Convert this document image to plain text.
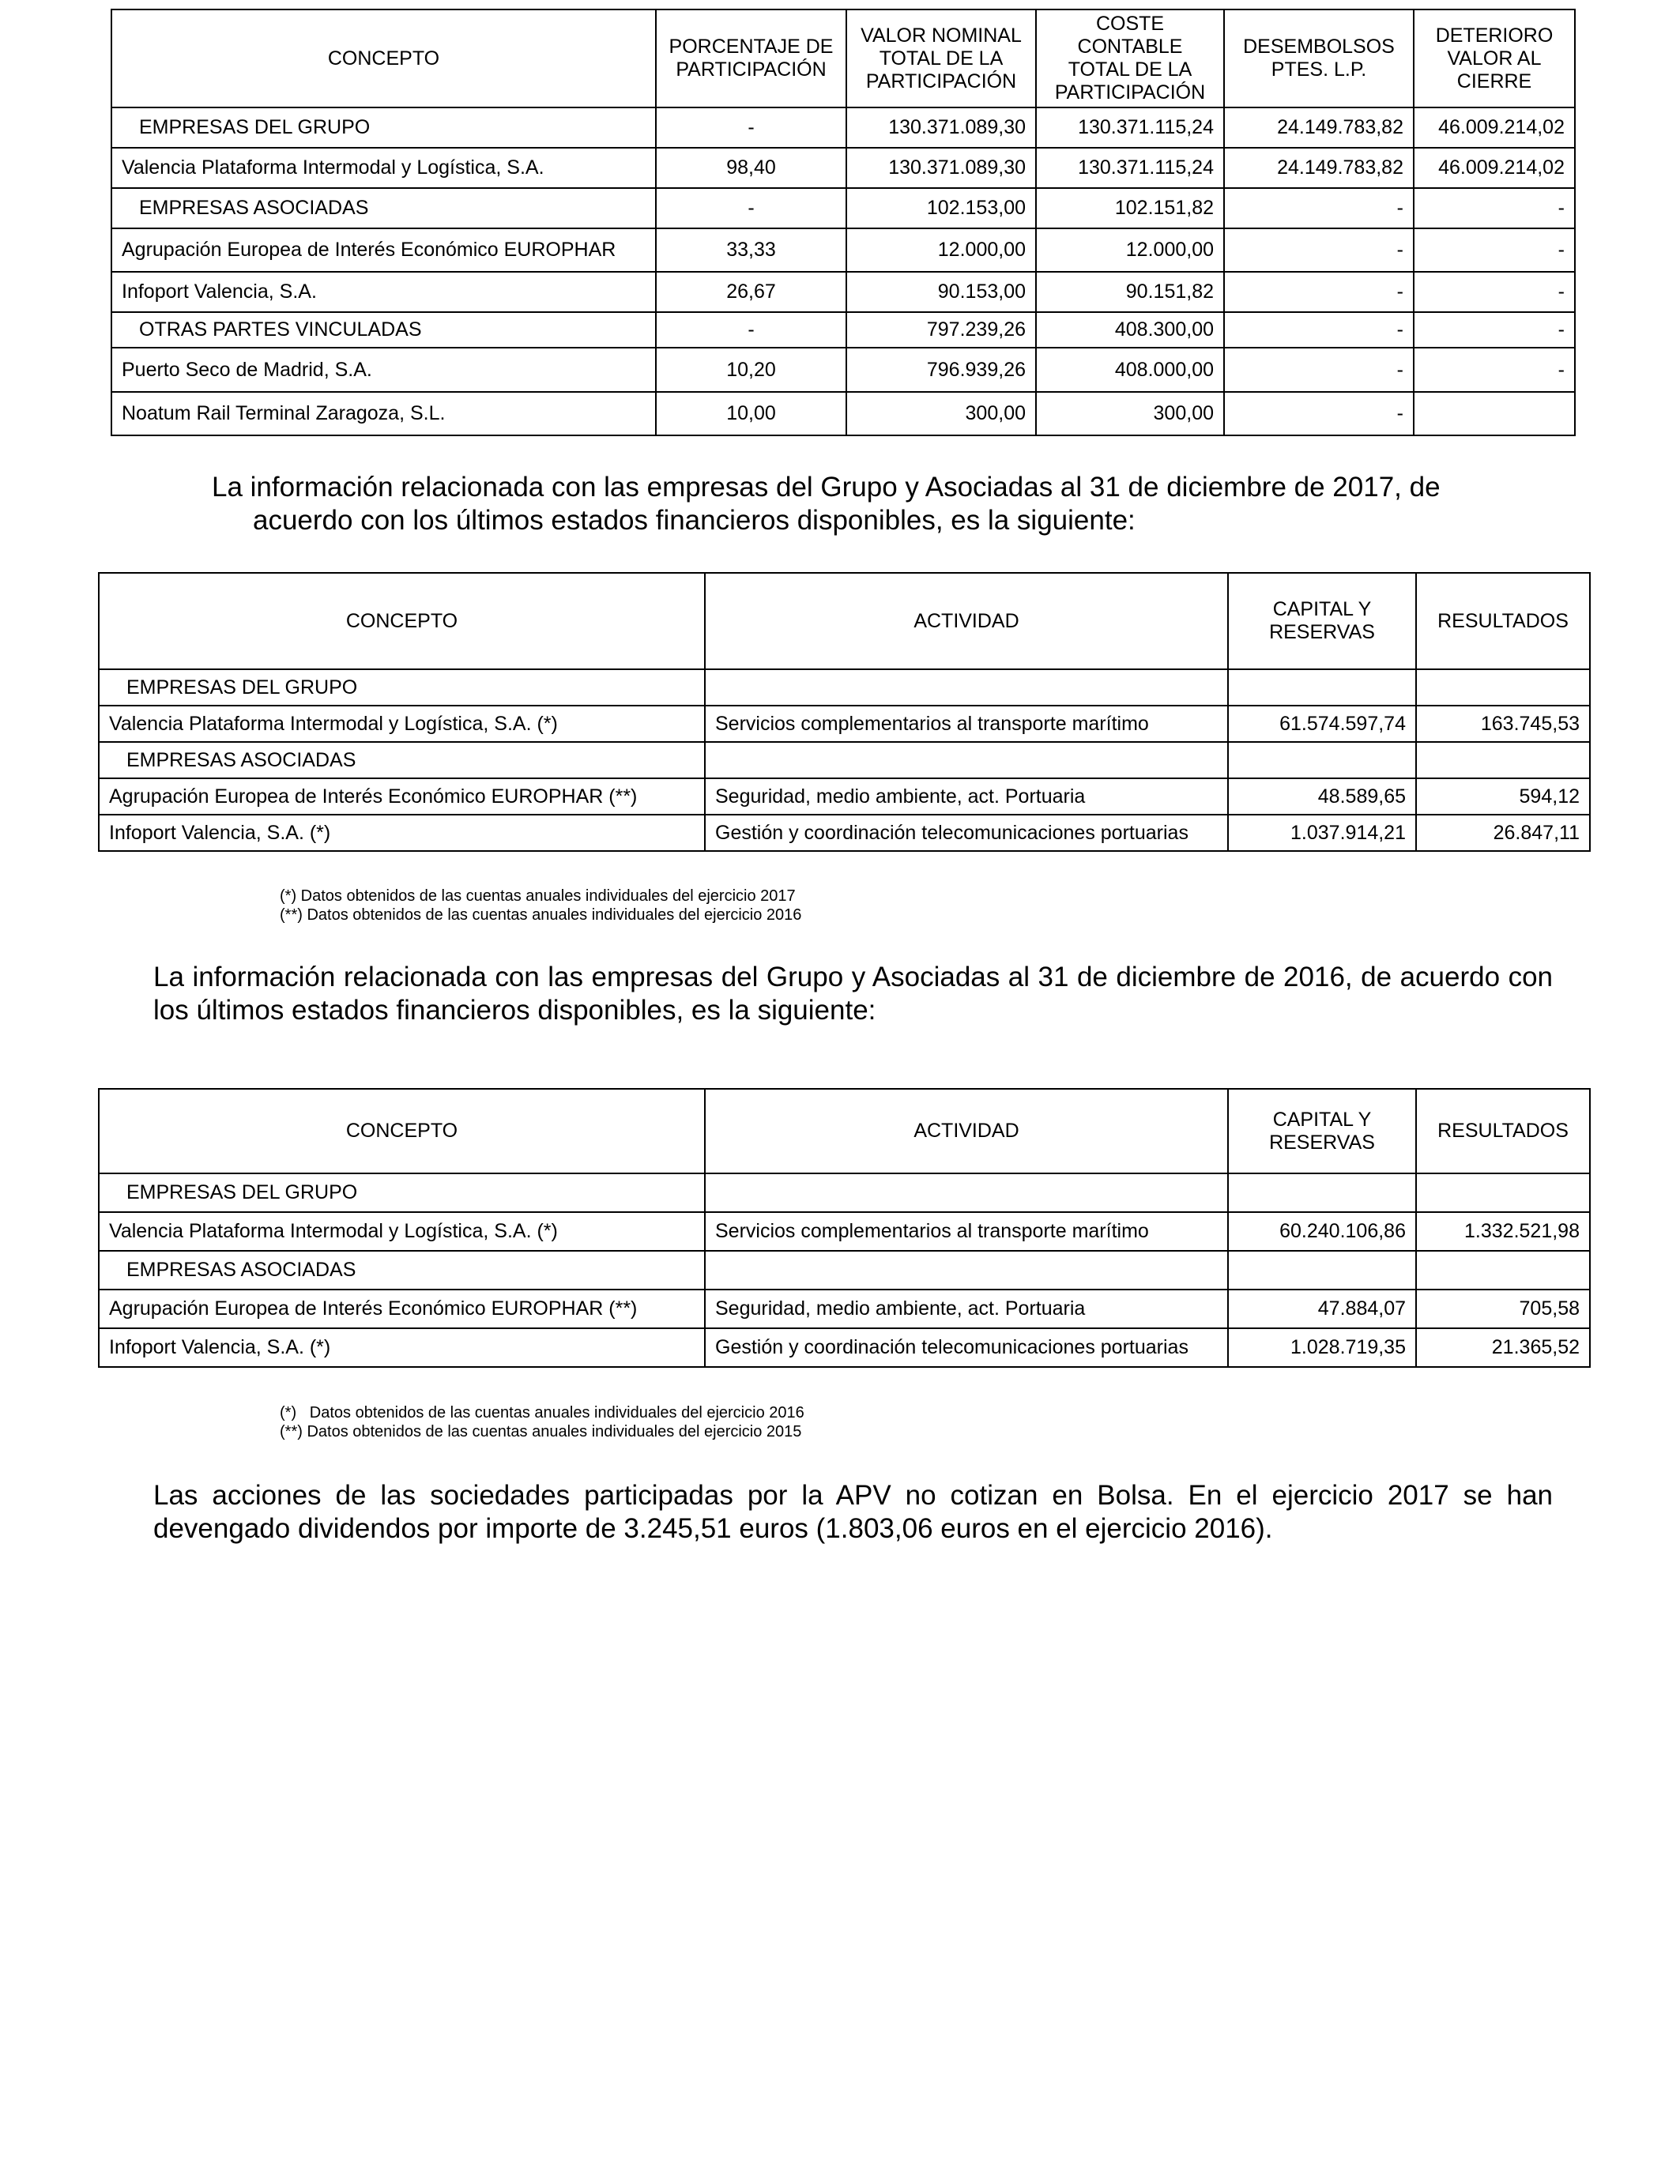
CONCEPTO	PORCENTAJE DE PARTICIPACIÓN	VALOR NOMINAL TOTAL DE LA PARTICIPACIÓN	COSTE CONTABLE TOTAL DE LA PARTICIPACIÓN	DESEMBOLSOS PTES. L.P.	DETERIORO VALOR AL CIERRE
EMPRESAS DEL GRUPO	-	130.371.089,30	130.371.115,24	24.149.783,82	46.009.214,02
Valencia Plataforma Intermodal y Logística, S.A.	98,40	130.371.089,30	130.371.115,24	24.149.783,82	46.009.214,02
EMPRESAS ASOCIADAS	-	102.153,00	102.151,82	-	-
Agrupación Europea de Interés Económico EUROPHAR	33,33	12.000,00	12.000,00	-	-
Infoport Valencia, S.A.	26,67	90.153,00	90.151,82	-	-
OTRAS PARTES VINCULADAS	-	797.239,26	408.300,00	-	-
Puerto Seco de Madrid, S.A.	10,20	796.939,26	408.000,00	-	-
Noatum Rail Terminal Zaragoza, S.L.	10,00	300,00	300,00	-	

La información relacionada con las empresas del Grupo y Asociadas al 31 de diciembre de 2017, de
acuerdo con los últimos estados financieros disponibles, es la siguiente:

CONCEPTO	ACTIVIDAD	CAPITAL Y RESERVAS	RESULTADOS
EMPRESAS DEL GRUPO			
Valencia Plataforma Intermodal y Logística, S.A. (*)	Servicios complementarios al transporte marítimo	61.574.597,74	163.745,53
EMPRESAS ASOCIADAS			
Agrupación Europea de Interés Económico EUROPHAR (**)	Seguridad, medio ambiente, act. Portuaria	48.589,65	594,12
Infoport Valencia, S.A. (*)	Gestión y coordinación telecomunicaciones portuarias	1.037.914,21	26.847,11
(*) Datos obtenidos de las cuentas anuales individuales del ejercicio 2017
(**) Datos obtenidos de las cuentas anuales individuales del ejercicio 2016

La información relacionada con las empresas del Grupo y Asociadas al 31 de diciembre de 2016, de acuerdo con los últimos estados financieros disponibles, es la siguiente:

CONCEPTO	ACTIVIDAD	CAPITAL Y RESERVAS	RESULTADOS
EMPRESAS DEL GRUPO			
Valencia Plataforma Intermodal y Logística, S.A. (*)	Servicios complementarios al transporte marítimo	60.240.106,86	1.332.521,98
EMPRESAS ASOCIADAS			
Agrupación Europea de Interés Económico EUROPHAR (**)	Seguridad, medio ambiente, act. Portuaria	47.884,07	705,58
Infoport Valencia, S.A. (*)	Gestión y coordinación telecomunicaciones portuarias	1.028.719,35	21.365,52
(*)   Datos obtenidos de las cuentas anuales individuales del ejercicio 2016
(**) Datos obtenidos de las cuentas anuales individuales del ejercicio 2015

Las acciones de las sociedades participadas por la APV no cotizan en Bolsa. En el ejercicio 2017 se han devengado dividendos por importe de 3.245,51 euros (1.803,06 euros en el ejercicio 2016).
